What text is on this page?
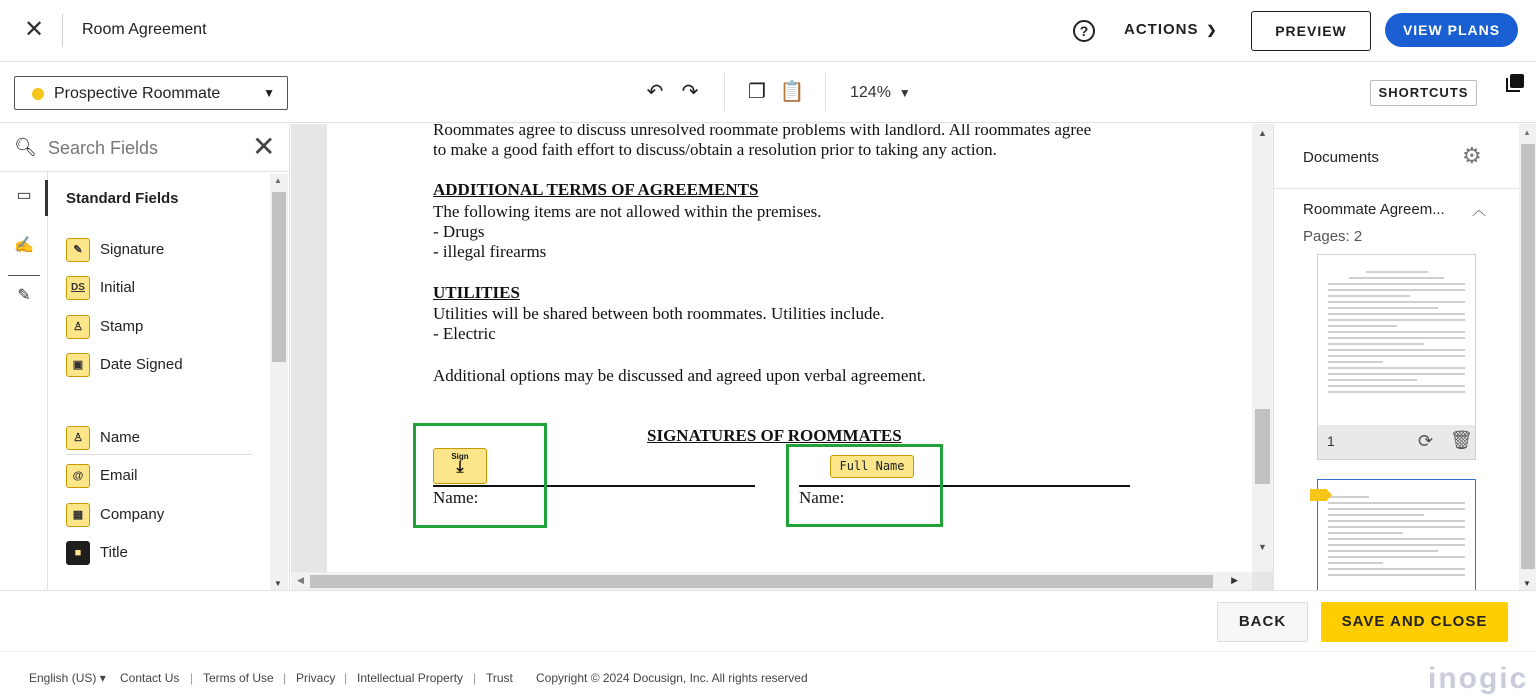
✕ Room Agreement	?	ACTIONS ❯	PREVIEW	VIEW PLANS
Prospective Roommate	▼	↶ ↷ ❐ 📋	124% ▼	SHORTCUTS
🔍︎
Search Fields	✕
▭
✍
✎
Standard Fields
✎	Signature
DS	Initial
♙	Stamp
▣	Date Signed
♙	Name
@	Email
▦	Company
■	Title
▲
▼
Roommates agree to discuss unresolved roommate problems with landlord. All roommates agree
to make a good faith effort to discuss/obtain a resolution prior to taking any action.
ADDITIONAL TERMS OF AGREEMENTS
The following items are not allowed within the premises.
- Drugs
- illegal firearms
UTILITIES
Utilities will be shared between both roommates. Utilities include.
- Electric
Additional options may be discussed and agreed upon verbal agreement.
SIGNATURES OF ROOMMATES
Name:	Name:
Sign
⤓	Full Name
▲
▼
◀	▶
Documents	⚙
Roommate Agreem... ︿
Pages: 2
1	⟳ 🗑︎
▲
▼
BACK	SAVE AND CLOSE
English (US) ▾ Contact Us | Terms of Use | Privacy | Intellectual Property | Trust Copyright © 2024 Docusign, Inc. All rights reserved	inogic
